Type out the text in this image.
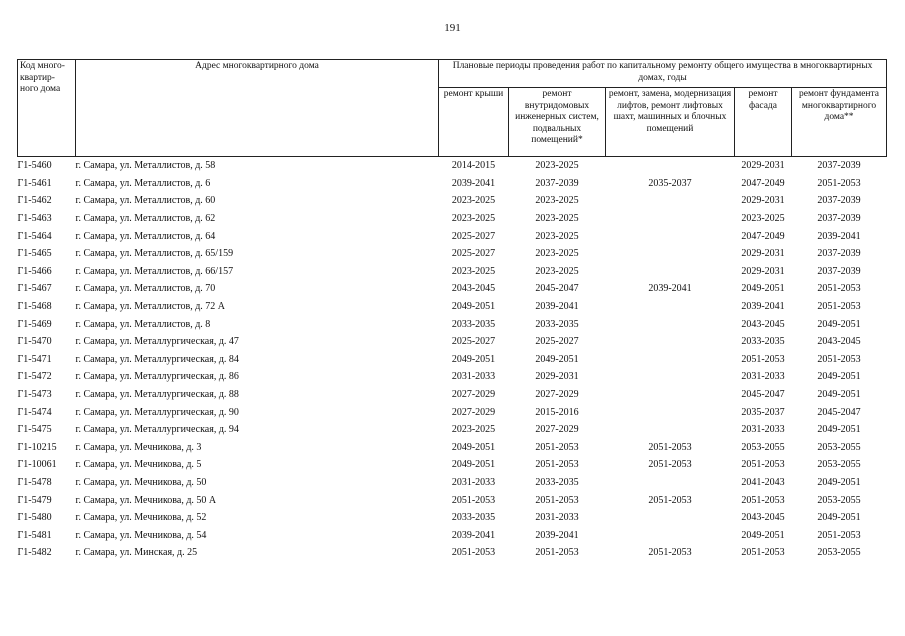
191
Код много-квартир-ного дома	Адрес многоквартирного дома	Плановые периоды проведения работ по капитальному ремонту общего имущества в многоквартирных домах, годы				
		ремонт крыши	ремонт внутридомовых инженерных систем, подвальных помещений*	ремонт, замена, модернизация лифтов, ремонт лифтовых шахт, машинных и блочных помещений	ремонт фасада	ремонт фундамента многоквартирного дома**
Г1-5460	г. Самара, ул. Металлистов, д. 58	2014-2015	2023-2025		2029-2031	2037-2039
Г1-5461	г. Самара, ул. Металлистов, д. 6	2039-2041	2037-2039	2035-2037	2047-2049	2051-2053
Г1-5462	г. Самара, ул. Металлистов, д. 60	2023-2025	2023-2025		2029-2031	2037-2039
Г1-5463	г. Самара, ул. Металлистов, д. 62	2023-2025	2023-2025		2023-2025	2037-2039
Г1-5464	г. Самара, ул. Металлистов, д. 64	2025-2027	2023-2025		2047-2049	2039-2041
Г1-5465	г. Самара, ул. Металлистов, д. 65/159	2025-2027	2023-2025		2029-2031	2037-2039
Г1-5466	г. Самара, ул. Металлистов, д. 66/157	2023-2025	2023-2025		2029-2031	2037-2039
Г1-5467	г. Самара, ул. Металлистов, д. 70	2043-2045	2045-2047	2039-2041	2049-2051	2051-2053
Г1-5468	г. Самара, ул. Металлистов, д. 72 А	2049-2051	2039-2041		2039-2041	2051-2053
Г1-5469	г. Самара, ул. Металлистов, д. 8	2033-2035	2033-2035		2043-2045	2049-2051
Г1-5470	г. Самара, ул. Металлургическая, д. 47	2025-2027	2025-2027		2033-2035	2043-2045
Г1-5471	г. Самара, ул. Металлургическая, д. 84	2049-2051	2049-2051		2051-2053	2051-2053
Г1-5472	г. Самара, ул. Металлургическая, д. 86	2031-2033	2029-2031		2031-2033	2049-2051
Г1-5473	г. Самара, ул. Металлургическая, д. 88	2027-2029	2027-2029		2045-2047	2049-2051
Г1-5474	г. Самара, ул. Металлургическая, д. 90	2027-2029	2015-2016		2035-2037	2045-2047
Г1-5475	г. Самара, ул. Металлургическая, д. 94	2023-2025	2027-2029		2031-2033	2049-2051
Г1-10215	г. Самара, ул. Мечникова, д. 3	2049-2051	2051-2053	2051-2053	2053-2055	2053-2055
Г1-10061	г. Самара, ул. Мечникова, д. 5	2049-2051	2051-2053	2051-2053	2051-2053	2053-2055
Г1-5478	г. Самара, ул. Мечникова, д. 50	2031-2033	2033-2035		2041-2043	2049-2051
Г1-5479	г. Самара, ул. Мечникова, д. 50 А	2051-2053	2051-2053	2051-2053	2051-2053	2053-2055
Г1-5480	г. Самара, ул. Мечникова, д. 52	2033-2035	2031-2033		2043-2045	2049-2051
Г1-5481	г. Самара, ул. Мечникова, д. 54	2039-2041	2039-2041		2049-2051	2051-2053
Г1-5482	г. Самара, ул. Минская, д. 25	2051-2053	2051-2053	2051-2053	2051-2053	2053-2055
